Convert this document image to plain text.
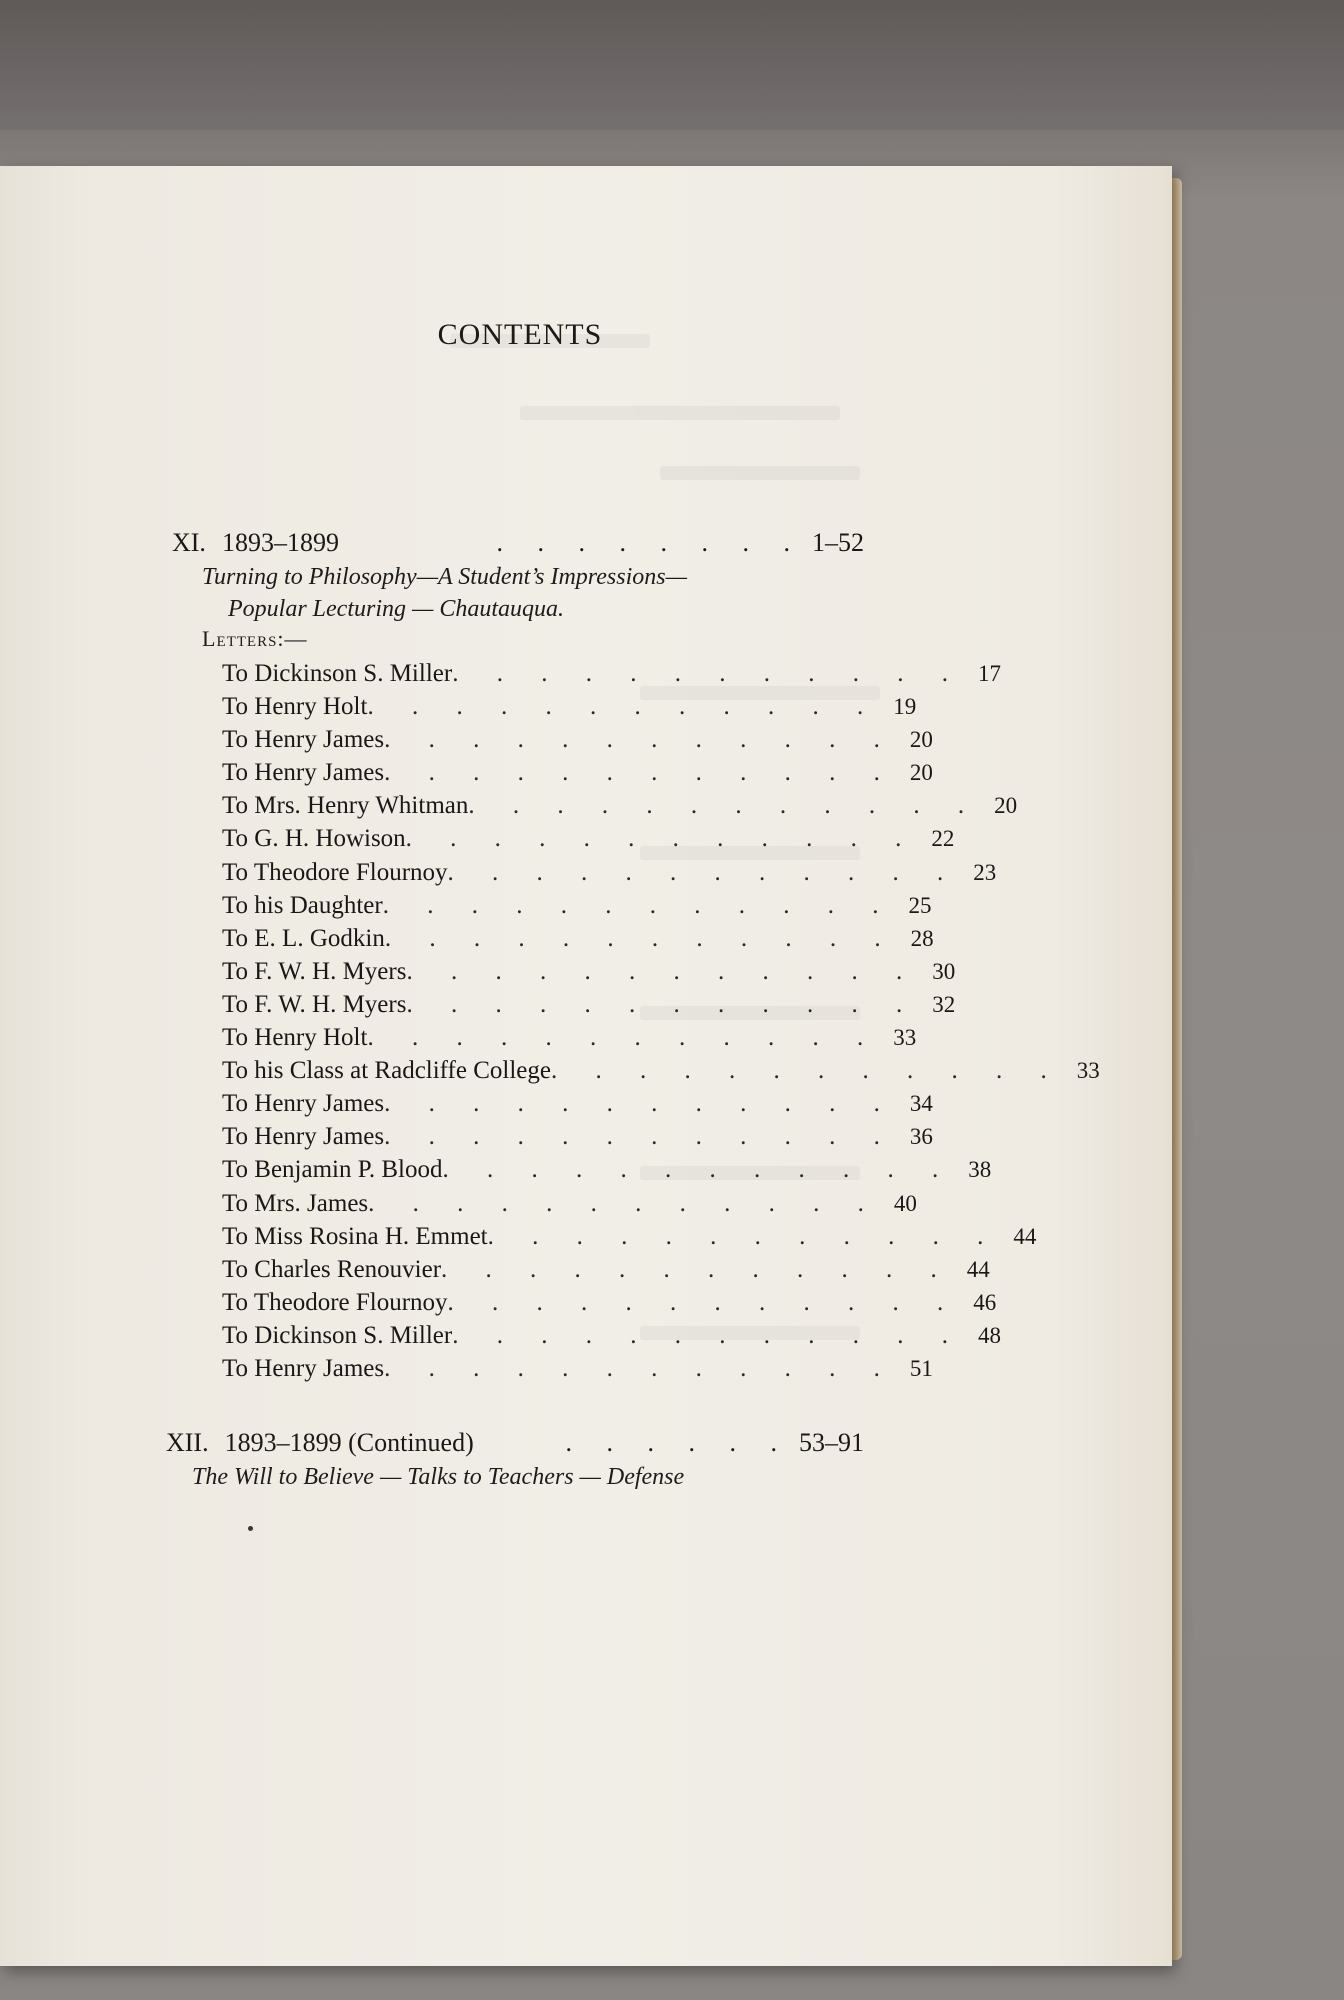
CONTENTS
XI. 1893–1899	. . . . . . . . 1–52
Turning to Philosophy—A Student’s Impressions—
Popular Lecturing — Chautauqua.
Letters:—
To Dickinson S. Miller . . . . . . . . . . . . 17
To Henry Holt . . . . . . . . . . . . 19
To Henry James . . . . . . . . . . . . 20
To Henry James . . . . . . . . . . . . 20
To Mrs. Henry Whitman . . . . . . . . . . . . 20
To G. H. Howison . . . . . . . . . . . . 22
To Theodore Flournoy . . . . . . . . . . . . 23
To his Daughter . . . . . . . . . . . . 25
To E. L. Godkin . . . . . . . . . . . . 28
To F. W. H. Myers . . . . . . . . . . . . 30
To F. W. H. Myers . . . . . . . . . . . . 32
To Henry Holt . . . . . . . . . . . . 33
To his Class at Radcliffe College . . . . . . . . . . . . 33
To Henry James . . . . . . . . . . . . 34
To Henry James . . . . . . . . . . . . 36
To Benjamin P. Blood . . . . . . . . . . . . 38
To Mrs. James . . . . . . . . . . . . 40
To Miss Rosina H. Emmet . . . . . . . . . . . . 44
To Charles Renouvier . . . . . . . . . . . . 44
To Theodore Flournoy . . . . . . . . . . . . 46
To Dickinson S. Miller . . . . . . . . . . . . 48
To Henry James . . . . . . . . . . . . 51
XII. 1893–1899 (Continued)	. . . . . . 53–91
The Will to Believe — Talks to Teachers — Defense
